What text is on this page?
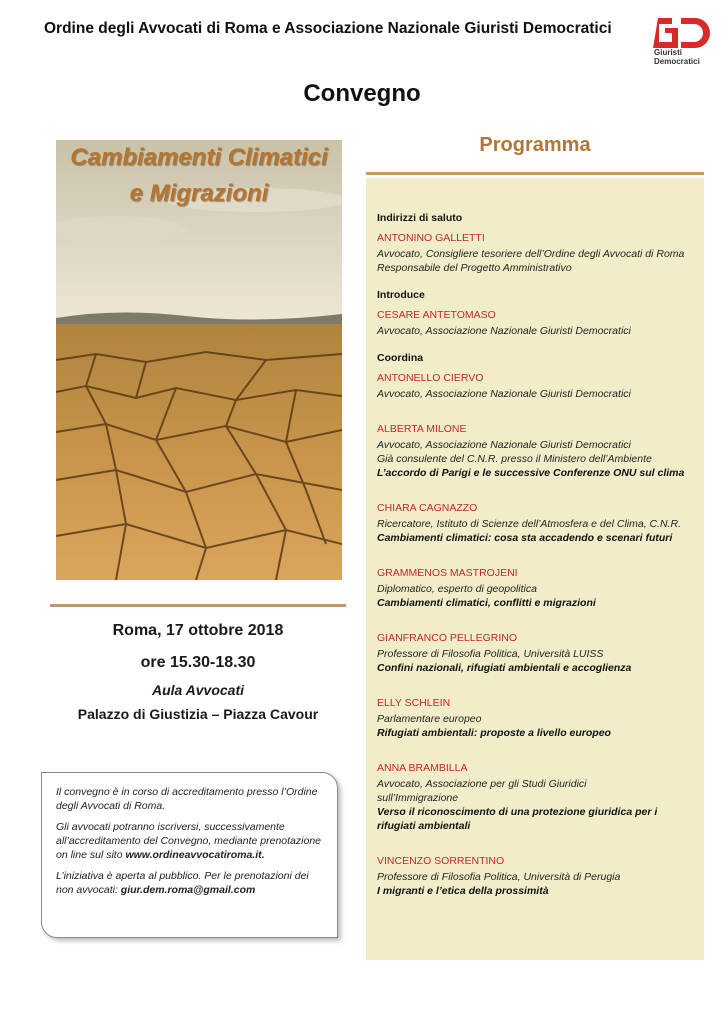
Ordine degli Avvocati di Roma e Associazione Nazionale Giuristi Democratici
Giuristi
Democratici
Convegno
Cambiamenti Climatici
e Migrazioni
Roma, 17 ottobre 2018
ore 15.30-18.30
Aula Avvocati
Palazzo di Giustizia – Piazza Cavour

Il convegno è in corso di accreditamento presso l’Ordine degli Avvocati di Roma.

Gli avvocati potranno iscriversi, successivamente all’accreditamento del Convegno, mediante prenotazione on line sul sito www.ordineavvocatiroma.it.

L’iniziativa è aperta al pubblico. Per le prenotazioni dei non avvocati: giur.dem.roma@gmail.com

Programma
Indirizzi di saluto
ANTONINO GALLETTI
Avvocato, Consigliere tesoriere dell’Ordine degli Avvocati di Roma
Responsabile del Progetto Amministrativo
Introduce
CESARE ANTETOMASO
Avvocato, Associazione Nazionale Giuristi Democratici
Coordina
ANTONELLO CIERVO
Avvocato, Associazione Nazionale Giuristi Democratici
ALBERTA MILONE
Avvocato, Associazione Nazionale Giuristi Democratici
Già consulente del C.N.R. presso il Ministero dell’Ambiente
L’accordo di Parigi e le successive Conferenze ONU sul clima
CHIARA CAGNAZZO
Ricercatore, Istituto di Scienze dell’Atmosfera e del Clima, C.N.R.
Cambiamenti climatici: cosa sta accadendo e scenari futuri
GRAMMENOS MASTROJENI
Diplomatico, esperto di geopolitica
Cambiamenti climatici, conflitti e migrazioni
GIANFRANCO PELLEGRINO
Professore di Filosofia Politica, Università LUISS
Confini nazionali, rifugiati ambientali e accoglienza
ELLY SCHLEIN
Parlamentare europeo
Rifugiati ambientali: proposte a livello europeo
ANNA BRAMBILLA
Avvocato, Associazione per gli Studi Giuridici
sull’Immigrazione
Verso il riconoscimento di una protezione giuridica per i
rifugiati ambientali
VINCENZO SORRENTINO
Professore di Filosofia Politica, Università di Perugia
I migranti e l’etica della prossimità
